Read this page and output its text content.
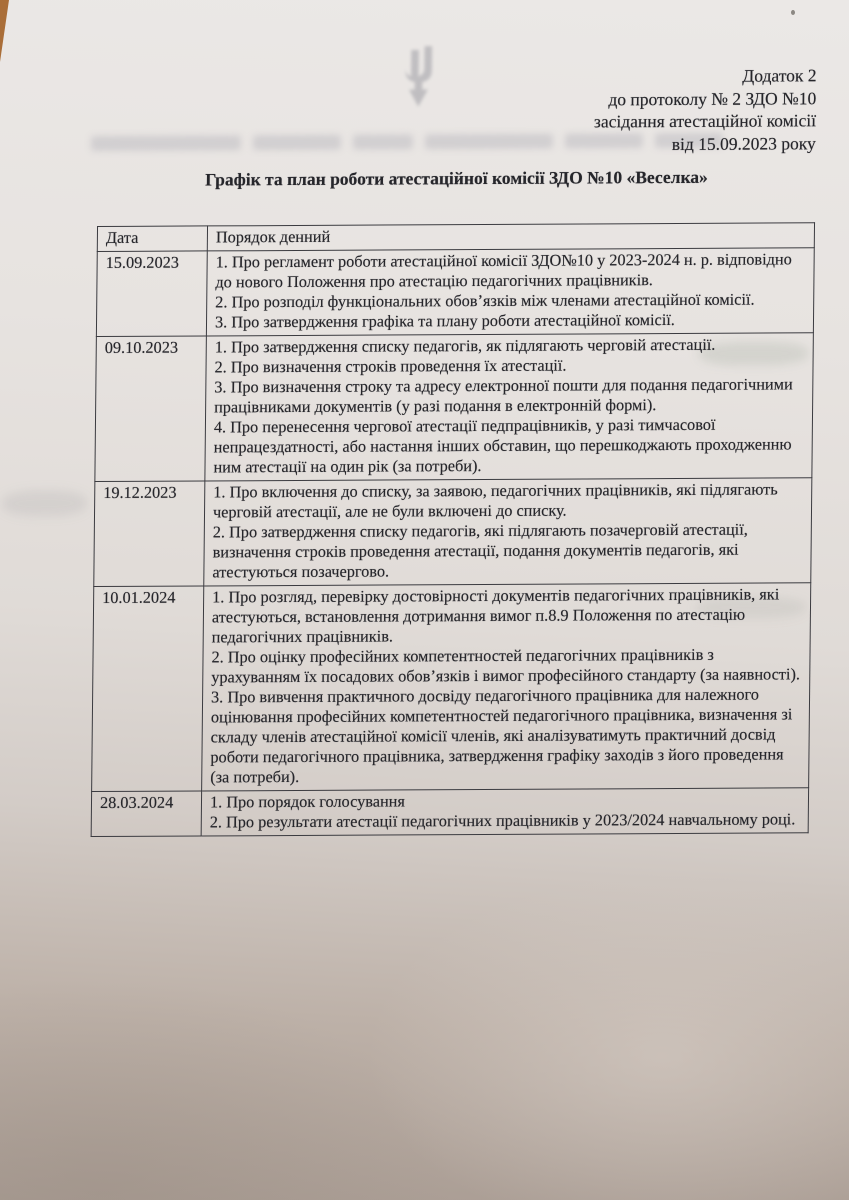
Додаток 2
до протоколу № 2 ЗДО №10
засідання атестаційної комісії
від 15.09.2023 року
Графік та план роботи атестаційної комісії ЗДО №10 «Веселка»
Дата	Порядок денний
15.09.2023	1. Про регламент роботи атестаційної комісії ЗДО№10 у 2023-2024 н. р. відповідно до нового Положення про атестацію педагогічних працівників.
2. Про розподіл функціональних обов’язків між членами атестаційної комісії.
3. Про затвердження графіка та плану роботи атестаційної комісії.

09.10.2023	1. Про затвердження списку педагогів, як підлягають черговій атестації.
2. Про визначення строків проведення їх атестації.
3. Про визначення строку та адресу електронної пошти для подання педагогічними працівниками документів (у разі подання в електронній формі).
4. Про перенесення чергової атестації педпрацівників, у разі тимчасової непрацездатності, або настання інших обставин, що перешкоджають проходженню ним атестації на один рік (за потреби).

19.12.2023	1. Про включення до списку, за заявою, педагогічних працівників, які підлягають черговій атестації, але не були включені до списку.
2. Про затвердження списку педагогів, які підлягають позачерговій атестації, визначення строків проведення атестації, подання документів педагогів, які атестуються позачергово.

10.01.2024	1. Про розгляд, перевірку достовірності документів педагогічних працівників, які атестуються, встановлення дотримання вимог п.8.9 Положення по атестацію педагогічних працівників.
2. Про оцінку професійних компетентностей педагогічних працівників з урахуванням їх посадових обов’язків і вимог професійного стандарту (за наявності).
3. Про вивчення практичного досвіду педагогічного працівника для належного оцінювання професійних компетентностей педагогічного працівника, визначення зі складу членів атестаційної комісії членів, які аналізуватимуть практичний досвід роботи педагогічного працівника, затвердження графіку заходів з його проведення (за потреби).

28.03.2024	1. Про порядок голосування
2. Про результати атестації педагогічних працівників у 2023/2024 навчальному році.
